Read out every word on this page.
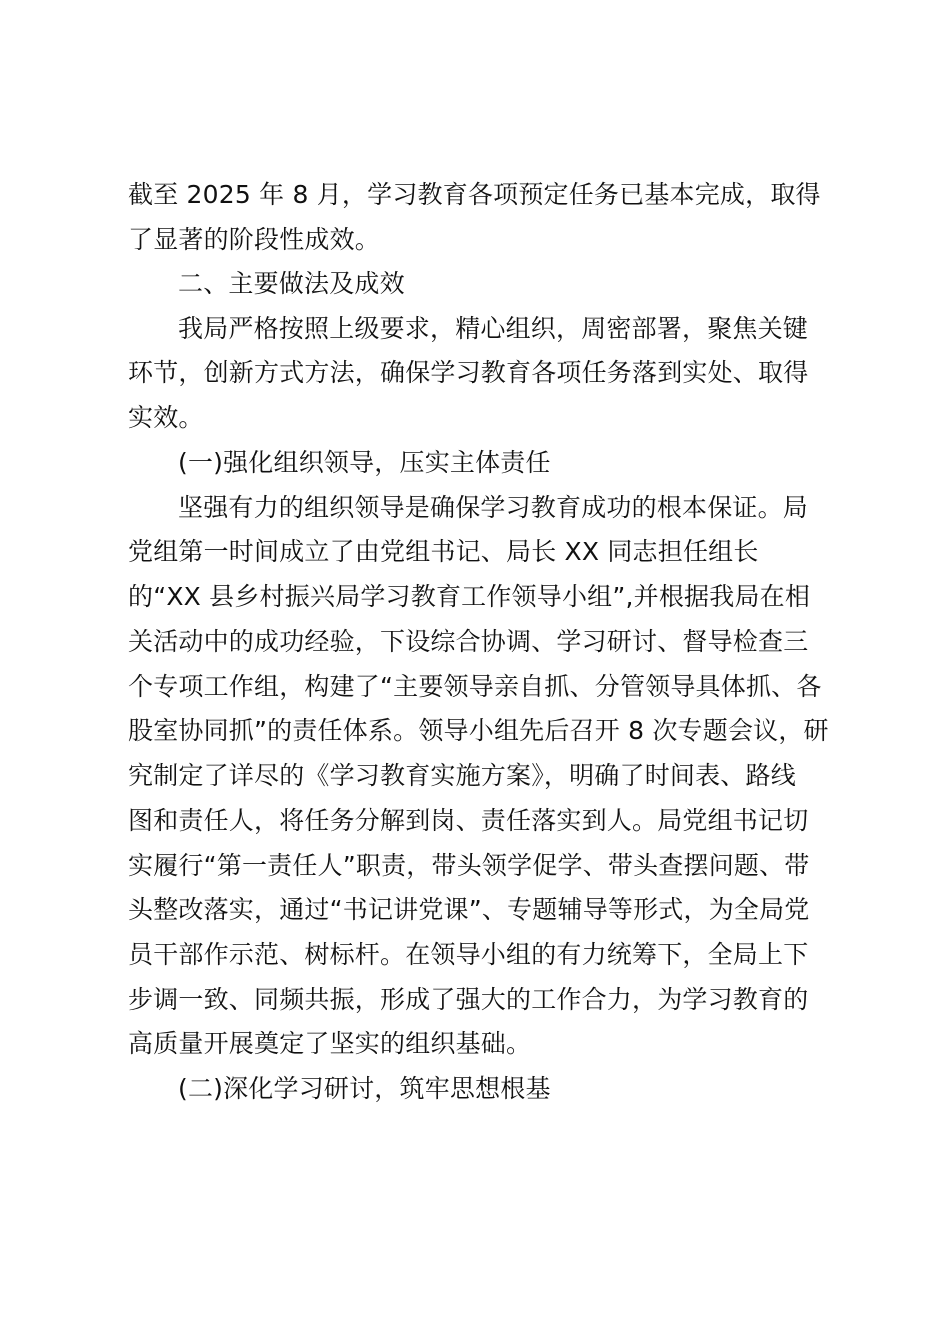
截至 2025 年 8 月，学习教育各项预定任务已基本完成，取得
了显著的阶段性成效。
二、主要做法及成效
我局严格按照上级要求，精心组织，周密部署，聚焦关键
环节，创新方式方法，确保学习教育各项任务落到实处、取得
实效。
(一)强化组织领导，压实主体责任
坚强有力的组织领导是确保学习教育成功的根本保证。局
党组第一时间成立了由党组书记、局长 XX 同志担任组长
的“XX 县乡村振兴局学习教育工作领导小组”,并根据我局在相
关活动中的成功经验，下设综合协调、学习研讨、督导检查三
个专项工作组，构建了“主要领导亲自抓、分管领导具体抓、各
股室协同抓”的责任体系。领导小组先后召开 8 次专题会议，研
究制定了详尽的《学习教育实施方案》，明确了时间表、路线
图和责任人，将任务分解到岗、责任落实到人。局党组书记切
实履行“第一责任人”职责，带头领学促学、带头查摆问题、带
头整改落实，通过“书记讲党课”、专题辅导等形式，为全局党
员干部作示范、树标杆。在领导小组的有力统筹下，全局上下
步调一致、同频共振，形成了强大的工作合力，为学习教育的
高质量开展奠定了坚实的组织基础。
(二)深化学习研讨，筑牢思想根基
